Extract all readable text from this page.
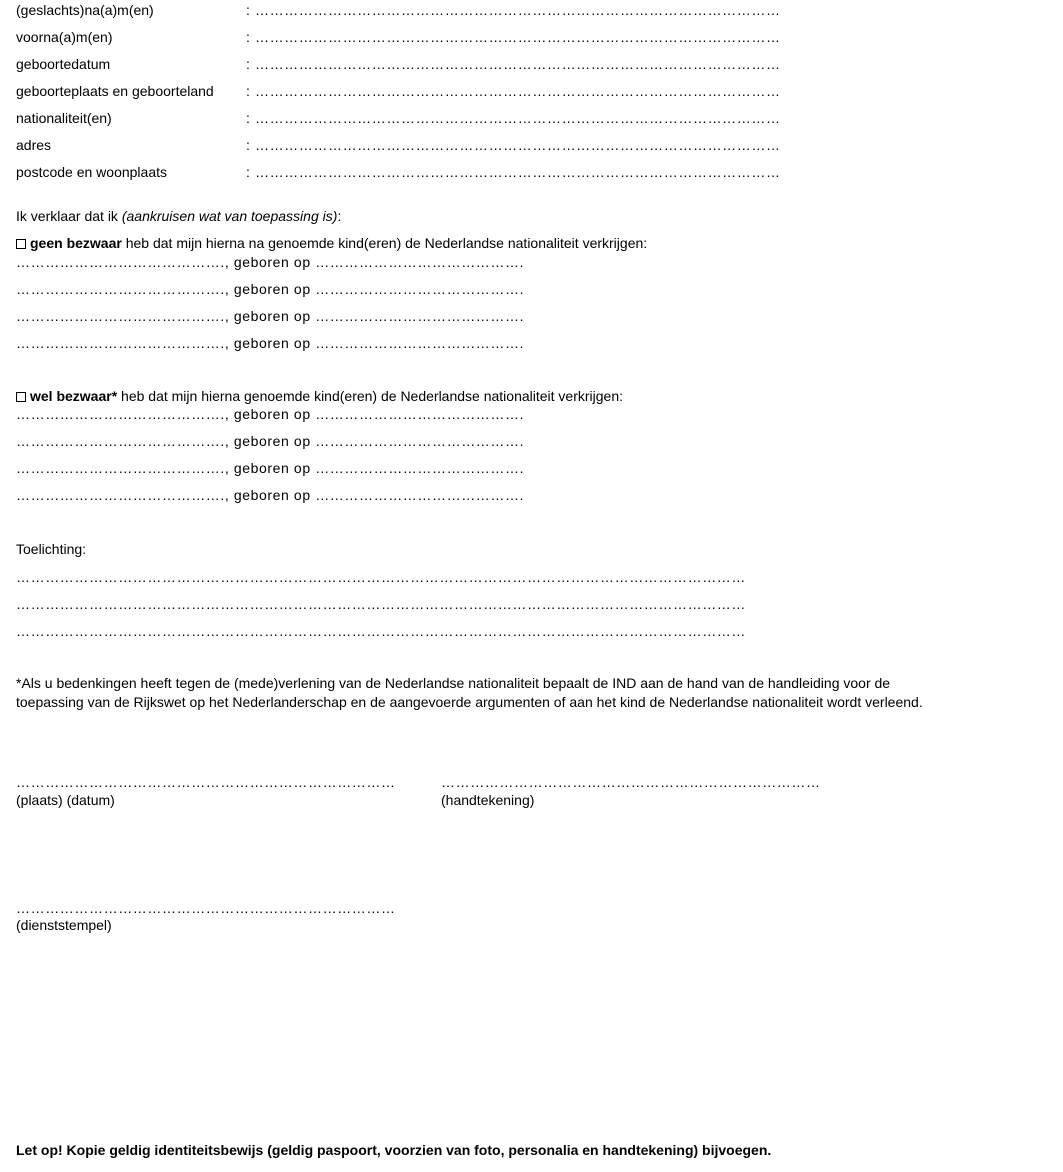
(geslachts)na(a)m(en)	: ………………………………………………………………………………………………
voorna(a)m(en)	: ………………………………………………………………………………………………
geboortedatum	: ………………………………………………………………………………………………
geboorteplaats en geboorteland : ………………………………………………………………………………………………
nationaliteit(en)	: ………………………………………………………………………………………………
adres	: ………………………………………………………………………………………………
postcode en woonplaats	: ………………………………………………………………………………………………
Ik verklaar dat ik (aankruisen wat van toepassing is):
geen bezwaar heb dat mijn hierna na genoemde kind(eren) de Nederlandse nationaliteit verkrijgen:
……………………………………., geboren op …………………………………….
……………………………………., geboren op …………………………………….
……………………………………., geboren op …………………………………….
……………………………………., geboren op …………………………………….
wel bezwaar* heb dat mijn hierna genoemde kind(eren) de Nederlandse nationaliteit verkrijgen:
……………………………………., geboren op …………………………………….
……………………………………., geboren op …………………………………….
……………………………………., geboren op …………………………………….
……………………………………., geboren op …………………………………….
Toelichting:
……………………………………………………………………………………………………………………………………
……………………………………………………………………………………………………………………………………
……………………………………………………………………………………………………………………………………
*Als u bedenkingen heeft tegen de (mede)verlening van de Nederlandse nationaliteit bepaalt de IND aan de hand van de handleiding voor de toepassing van de Rijkswet op het Nederlanderschap en de aangevoerde argumenten of aan het kind de Nederlandse nationaliteit wordt verleend.
……………………………………………………………………
(plaats) (datum)
……………………………………………………………………
(handtekening)
……………………………………………………………………
(dienststempel)
Let op! Kopie geldig identiteitsbewijs (geldig paspoort, voorzien van foto, personalia en handtekening) bijvoegen.
